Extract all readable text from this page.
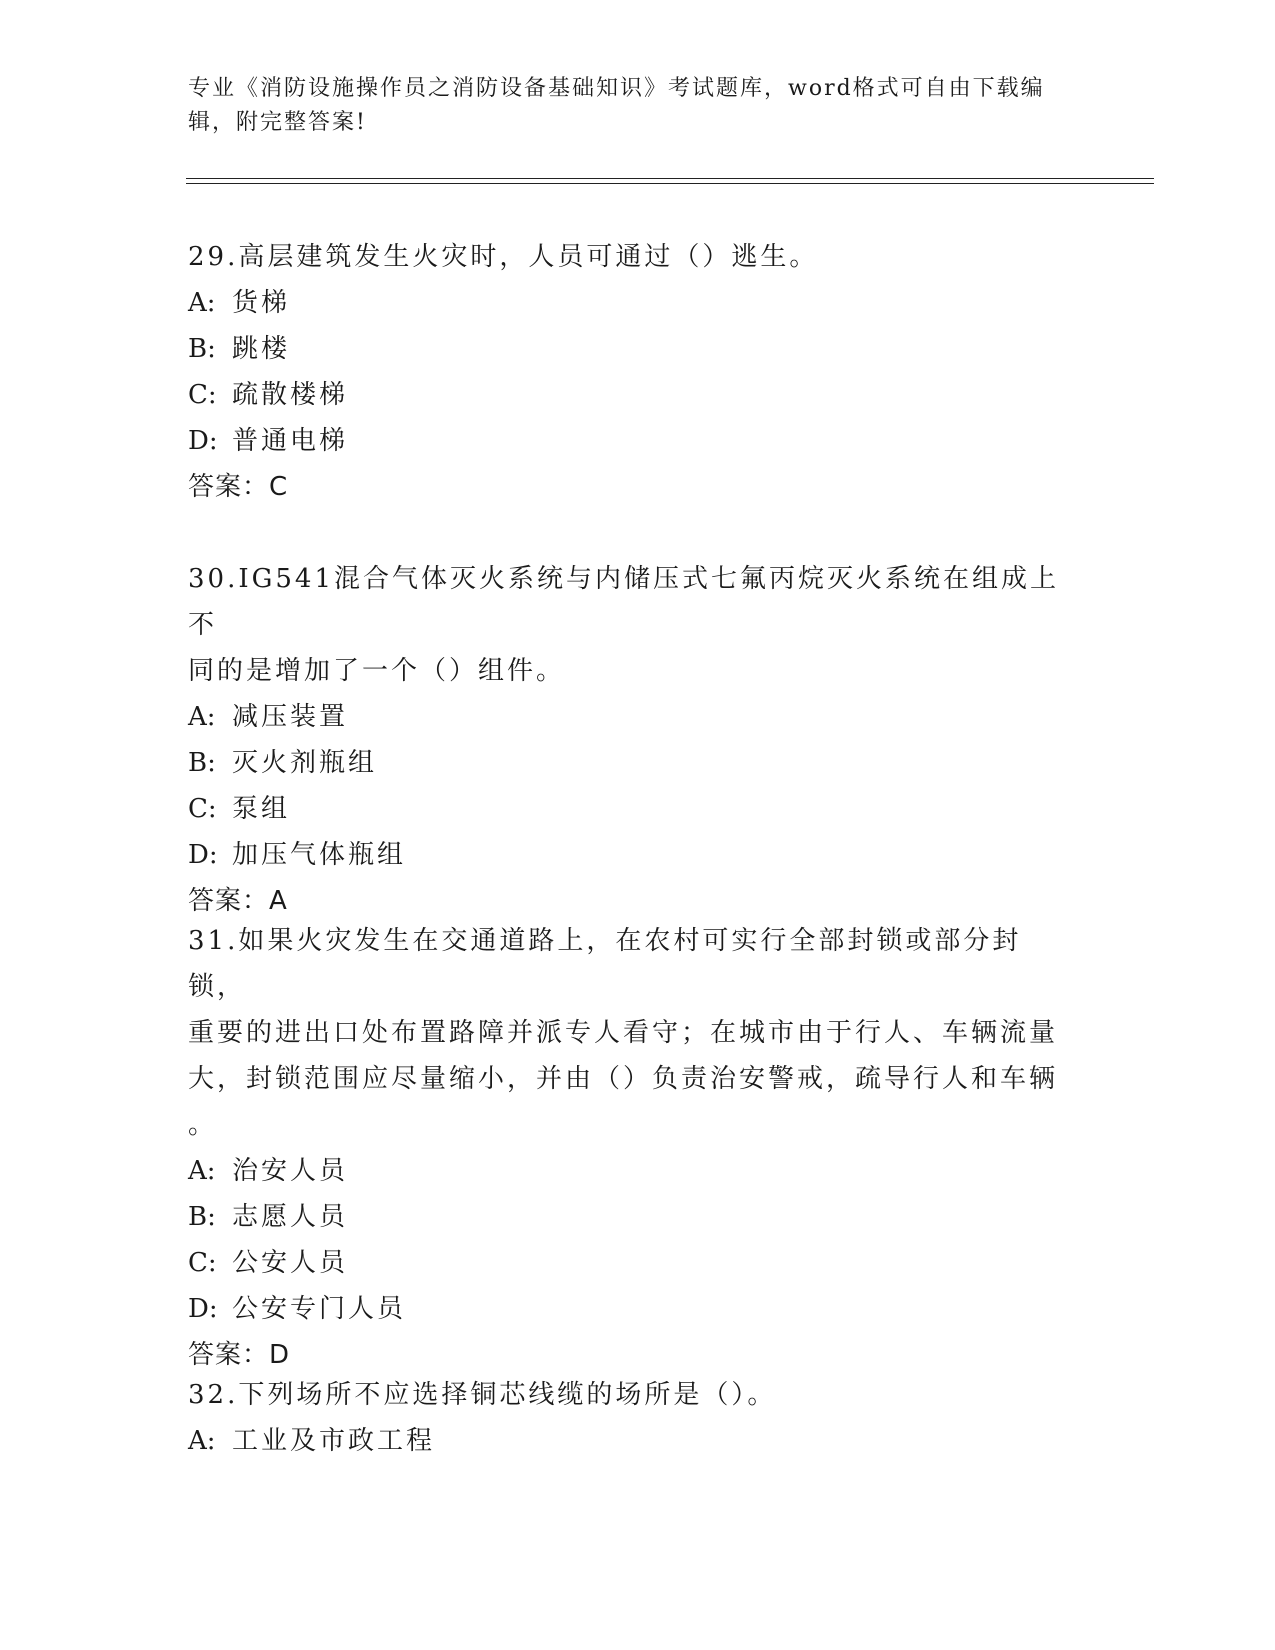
专业《消防设施操作员之消防设备基础知识》考试题库，word格式可自由下载编
辑，附完整答案!
29.高层建筑发生火灾时，人员可通过（）逃生。
A: 货梯
B: 跳楼
C: 疏散楼梯
D: 普通电梯
答案：C
30.IG541混合气体灭火系统与内储压式七氟丙烷灭火系统在组成上不
同的是增加了一个（）组件。
A: 减压装置
B: 灭火剂瓶组
C: 泵组
D: 加压气体瓶组
答案：A
31.如果火灾发生在交通道路上，在农村可实行全部封锁或部分封锁，
重要的进出口处布置路障并派专人看守；在城市由于行人、车辆流量
大，封锁范围应尽量缩小，并由（）负责治安警戒，疏导行人和车辆
。
A: 治安人员
B: 志愿人员
C: 公安人员
D: 公安专门人员
答案：D
32.下列场所不应选择铜芯线缆的场所是（）。
A: 工业及市政工程
